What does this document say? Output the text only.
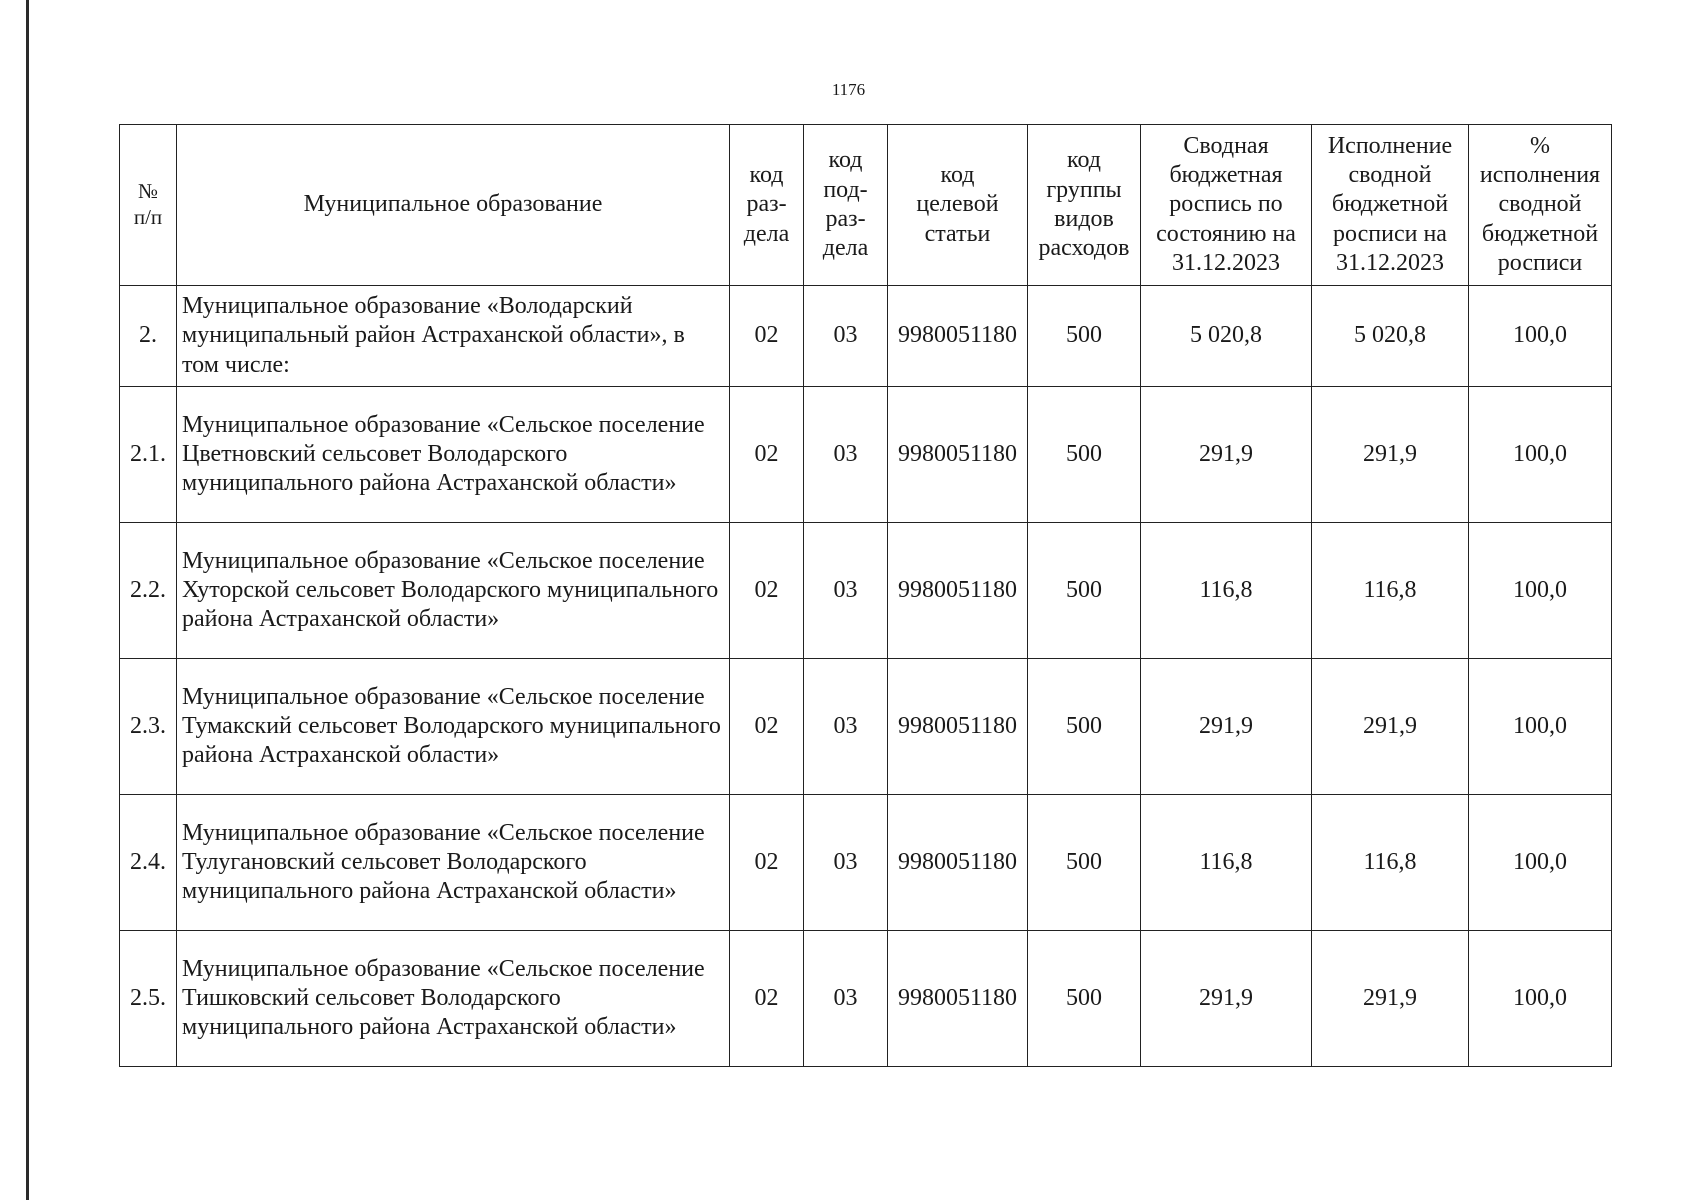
1176
№
п/п	Муниципальное образование	код
раз-
дела	код
под-
раз-
дела	код
целевой
статьи	код
группы
видов
расходов	Сводная
бюджетная
роспись по
состоянию на
31.12.2023	Исполнение
сводной
бюджетной
росписи на
31.12.2023	%
исполнения
сводной
бюджетной
росписи
2.	Муниципальное образование «Володарский муниципальный район Астраханской области», в том числе:	02	03	9980051180	500	5 020,8	5 020,8	100,0
2.1.	Муниципальное образование «Сельское поселение Цветновский сельсовет Володарского муниципального района Астраханской области»	02	03	9980051180	500	291,9	291,9	100,0
2.2.	Муниципальное образование «Сельское поселение Хуторской сельсовет Володарского муниципального района Астраханской области»	02	03	9980051180	500	116,8	116,8	100,0
2.3.	Муниципальное образование «Сельское поселение Тумакский сельсовет Володарского муниципального района Астраханской области»	02	03	9980051180	500	291,9	291,9	100,0
2.4.	Муниципальное образование «Сельское поселение Тулугановский сельсовет Володарского муниципального района Астраханской области»	02	03	9980051180	500	116,8	116,8	100,0
2.5.	Муниципальное образование «Сельское поселение Тишковский сельсовет Володарского муниципального района Астраханской области»	02	03	9980051180	500	291,9	291,9	100,0
